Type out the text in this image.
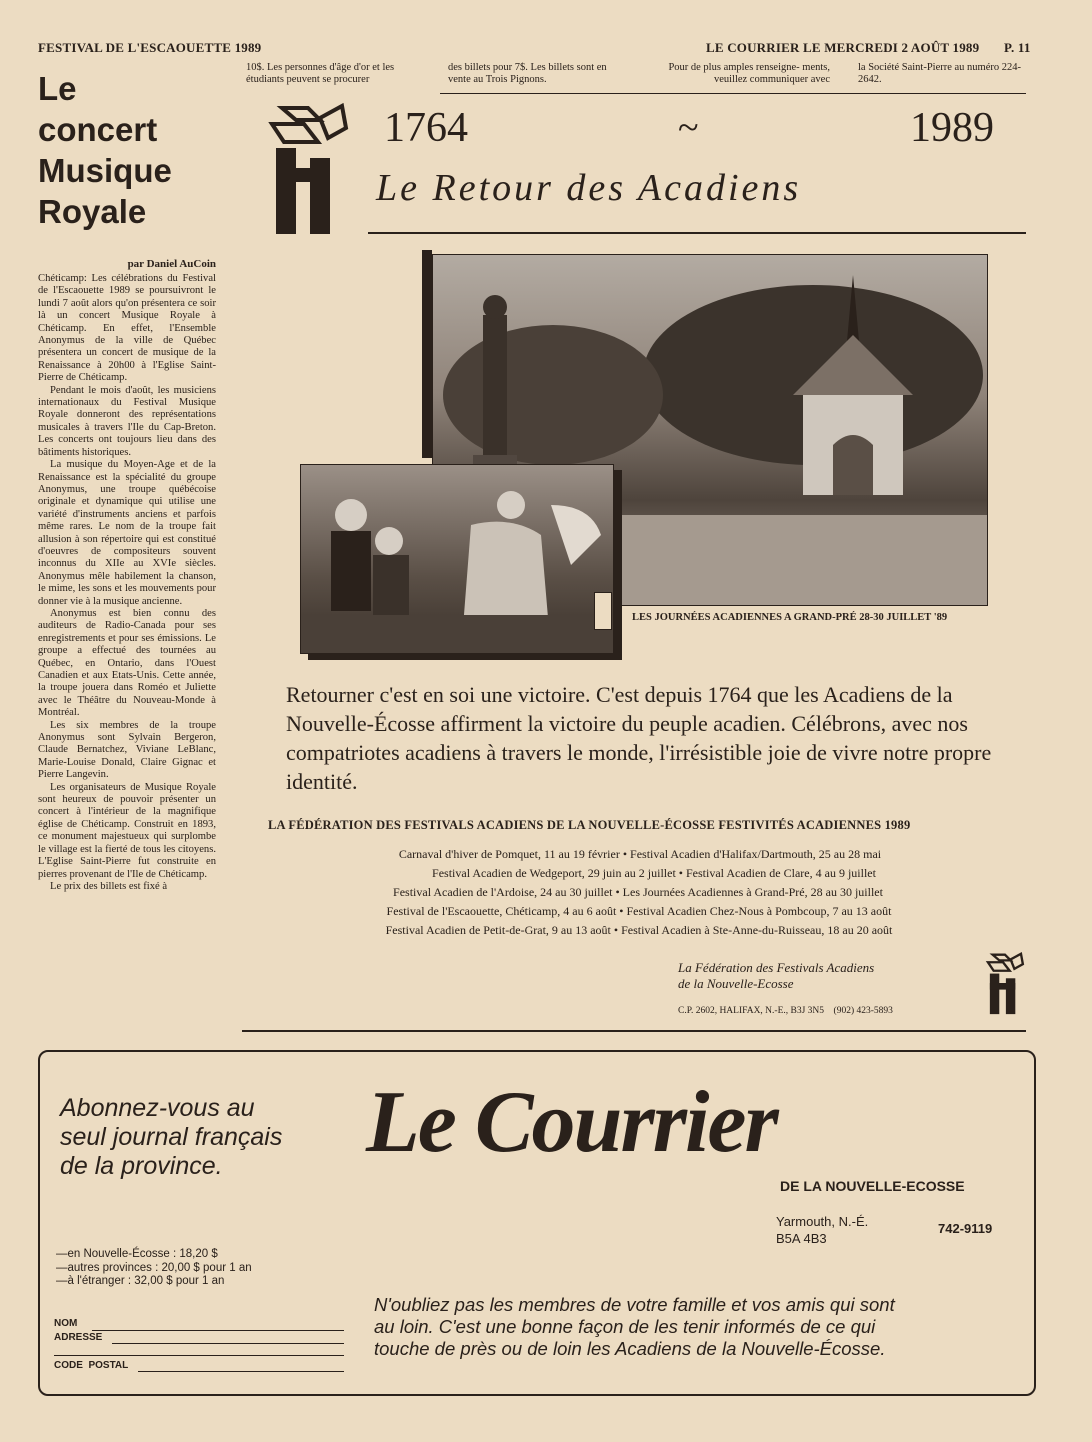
FESTIVAL DE L'ESCAOUETTE 1989	LE COURRIER LE MERCREDI 2 AOÛT 1989 P. 11
10$. Les personnes d'âge d'or et les étudiants peuvent se procurer
des billets pour 7$. Les billets sont en vente au Trois Pignons.
Pour de plus amples renseigne- ments, veuillez communiquer avec
la Société Saint-Pierre au numéro 224-2642.
Le
concert
Musique
Royale
par Daniel AuCoin

Chéticamp: Les célébrations du Festival de l'Escaouette 1989 se poursuivront le lundi 7 août alors qu'on présentera ce soir là un concert Musique Royale à Chéticamp. En effet, l'Ensemble Anonymus de la ville de Québec présentera un concert de musique de la Renaissance à 20h00 à l'Eglise Saint-Pierre de Chéticamp.

Pendant le mois d'août, les musiciens internationaux du Festival Musique Royale donneront des représentations musicales à travers l'Ile du Cap-Breton. Les concerts ont toujours lieu dans des bâtiments historiques.

La musique du Moyen-Age et de la Renaissance est la spécialité du groupe Anonymus, une troupe québécoise originale et dynamique qui utilise une variété d'instruments anciens et parfois même rares. Le nom de la troupe fait allusion à son répertoire qui est constitué d'oeuvres de compositeurs souvent inconnus du XIIe au XVIe siècles. Anonymus mêle habilement la chanson, le mime, les sons et les mouvements pour donner vie à la musique ancienne.

Anonymus est bien connu des auditeurs de Radio-Canada pour ses enregistrements et pour ses émissions. Le groupe a effectué des tournées au Québec, en Ontario, dans l'Ouest Canadien et aux Etats-Unis. Cette année, la troupe jouera dans Roméo et Juliette avec le Théâtre du Nouveau-Monde à Montréal.

Les six membres de la troupe Anonymus sont Sylvain Bergeron, Claude Bernatchez, Viviane LeBlanc, Marie-Louise Donald, Claire Gignac et Pierre Langevin.

Les organisateurs de Musique Royale sont heureux de pouvoir présenter un concert à l'intérieur de la magnifique église de Chéticamp. Construit en 1893, ce monument majestueux qui surplombe le village est la fierté de tous les citoyens. L'Eglise Saint-Pierre fut construite en pierres provenant de l'Ile de Chéticamp.

Le prix des billets est fixé à

1764	~	1989
Le Retour des Acadiens
LES JOURNÉES ACADIENNES A GRAND-PRÉ 28-30 JUILLET '89
Retourner c'est en soi une victoire. C'est depuis 1764 que les Acadiens de la Nouvelle-Écosse affirment la victoire du peuple acadien. Célébrons, avec nos compatriotes acadiens à travers le monde, l'irrésistible joie de vivre notre propre identité.
LA FÉDÉRATION DES FESTIVALS ACADIENS DE LA NOUVELLE-ÉCOSSE FESTIVITÉS ACADIENNES 1989
Carnaval d'hiver de Pomquet, 11 au 19 février • Festival Acadien d'Halifax/Dartmouth, 25 au 28 mai
Festival Acadien de Wedgeport, 29 juin au 2 juillet • Festival Acadien de Clare, 4 au 9 juillet
Festival Acadien de l'Ardoise, 24 au 30 juillet • Les Journées Acadiennes à Grand-Pré, 28 au 30 juillet
Festival de l'Escaouette, Chéticamp, 4 au 6 août • Festival Acadien Chez-Nous à Pombcoup, 7 au 13 août
Festival Acadien de Petit-de-Grat, 9 au 13 août • Festival Acadien à Ste-Anne-du-Ruisseau, 18 au 20 août
La Fédération des Festivals Acadiens
de la Nouvelle-Ecosse
C.P. 2602, HALIFAX, N.-E., B3J 3N5    (902) 423-5893
Abonnez-vous au
seul journal français
de la province.	Le Courrier
DE LA NOUVELLE-ECOSSE
Yarmouth, N.-É.
B5A 4B3
742-9119
—en Nouvelle-Écosse : 18,20 $
—autres provinces : 20,00 $ pour 1 an
—à l'étranger : 32,00 $ pour 1 an
NOM
ADRESSE
CODE  POSTAL
N'oubliez pas les membres de votre famille et vos amis qui sont
au loin. C'est une bonne façon de les tenir informés de ce qui
touche de près ou de loin les Acadiens de la Nouvelle-Écosse.
